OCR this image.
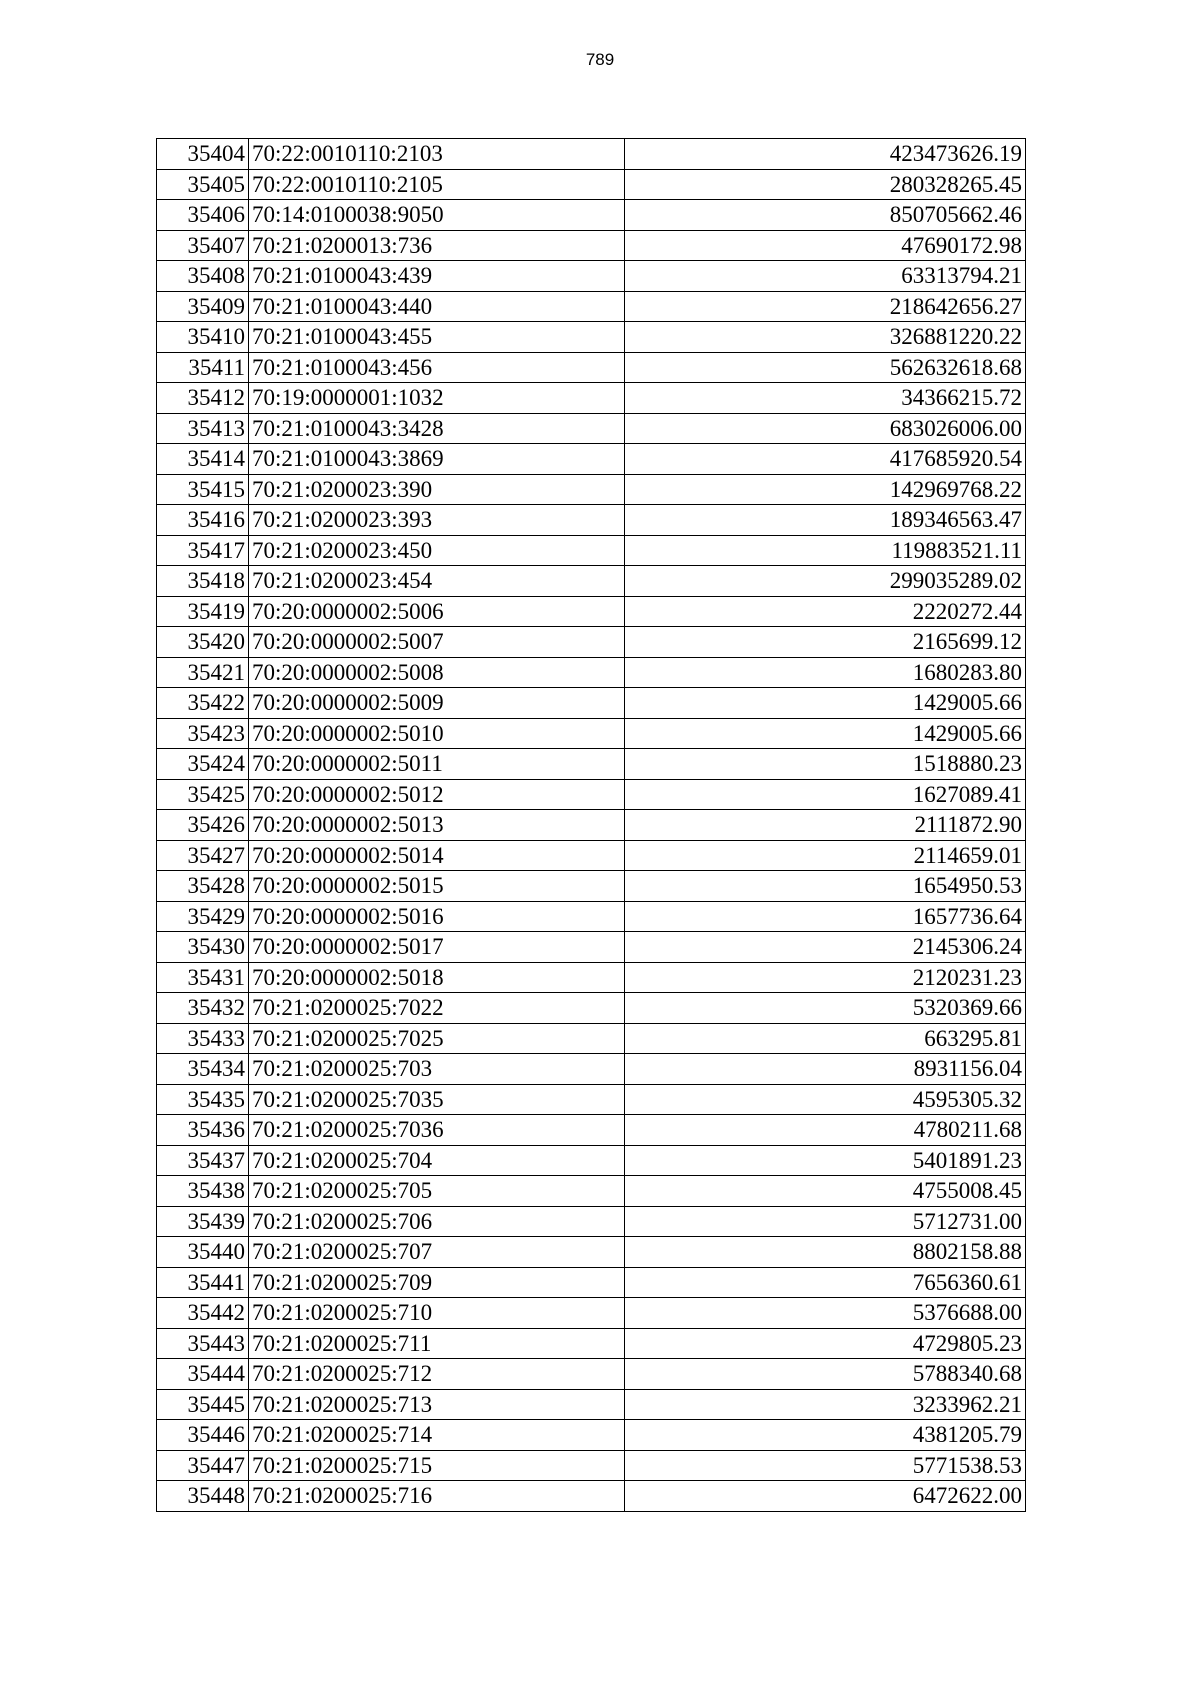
789
35404	70:22:0010110:2103	423473626.19
35405	70:22:0010110:2105	280328265.45
35406	70:14:0100038:9050	850705662.46
35407	70:21:0200013:736	47690172.98
35408	70:21:0100043:439	63313794.21
35409	70:21:0100043:440	218642656.27
35410	70:21:0100043:455	326881220.22
35411	70:21:0100043:456	562632618.68
35412	70:19:0000001:1032	34366215.72
35413	70:21:0100043:3428	683026006.00
35414	70:21:0100043:3869	417685920.54
35415	70:21:0200023:390	142969768.22
35416	70:21:0200023:393	189346563.47
35417	70:21:0200023:450	119883521.11
35418	70:21:0200023:454	299035289.02
35419	70:20:0000002:5006	2220272.44
35420	70:20:0000002:5007	2165699.12
35421	70:20:0000002:5008	1680283.80
35422	70:20:0000002:5009	1429005.66
35423	70:20:0000002:5010	1429005.66
35424	70:20:0000002:5011	1518880.23
35425	70:20:0000002:5012	1627089.41
35426	70:20:0000002:5013	2111872.90
35427	70:20:0000002:5014	2114659.01
35428	70:20:0000002:5015	1654950.53
35429	70:20:0000002:5016	1657736.64
35430	70:20:0000002:5017	2145306.24
35431	70:20:0000002:5018	2120231.23
35432	70:21:0200025:7022	5320369.66
35433	70:21:0200025:7025	663295.81
35434	70:21:0200025:703	8931156.04
35435	70:21:0200025:7035	4595305.32
35436	70:21:0200025:7036	4780211.68
35437	70:21:0200025:704	5401891.23
35438	70:21:0200025:705	4755008.45
35439	70:21:0200025:706	5712731.00
35440	70:21:0200025:707	8802158.88
35441	70:21:0200025:709	7656360.61
35442	70:21:0200025:710	5376688.00
35443	70:21:0200025:711	4729805.23
35444	70:21:0200025:712	5788340.68
35445	70:21:0200025:713	3233962.21
35446	70:21:0200025:714	4381205.79
35447	70:21:0200025:715	5771538.53
35448	70:21:0200025:716	6472622.00
